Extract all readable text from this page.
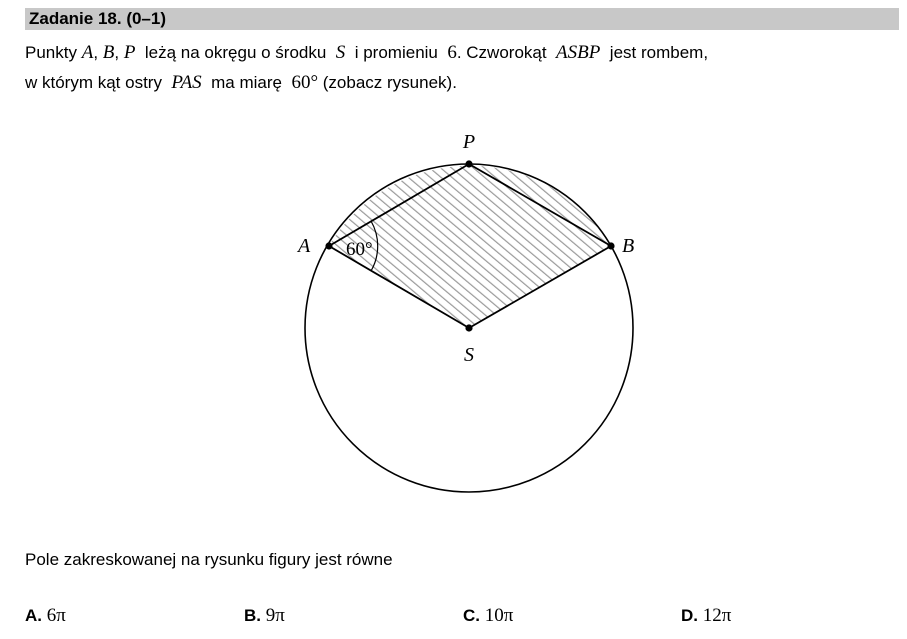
Zadanie 18. (0–1)
Punkty A, B, P  leżą na okręgu o środku  S  i promieniu  6. Czworokąt  ASBP  jest rombem,
w którym kąt ostry  PAS  ma miarę  60° (zobacz rysunek).
P
A	B
S
60°
Pole zakreskowanej na rysunku figury jest równe
A. 6π	B. 9π	C. 10π	D. 12π
